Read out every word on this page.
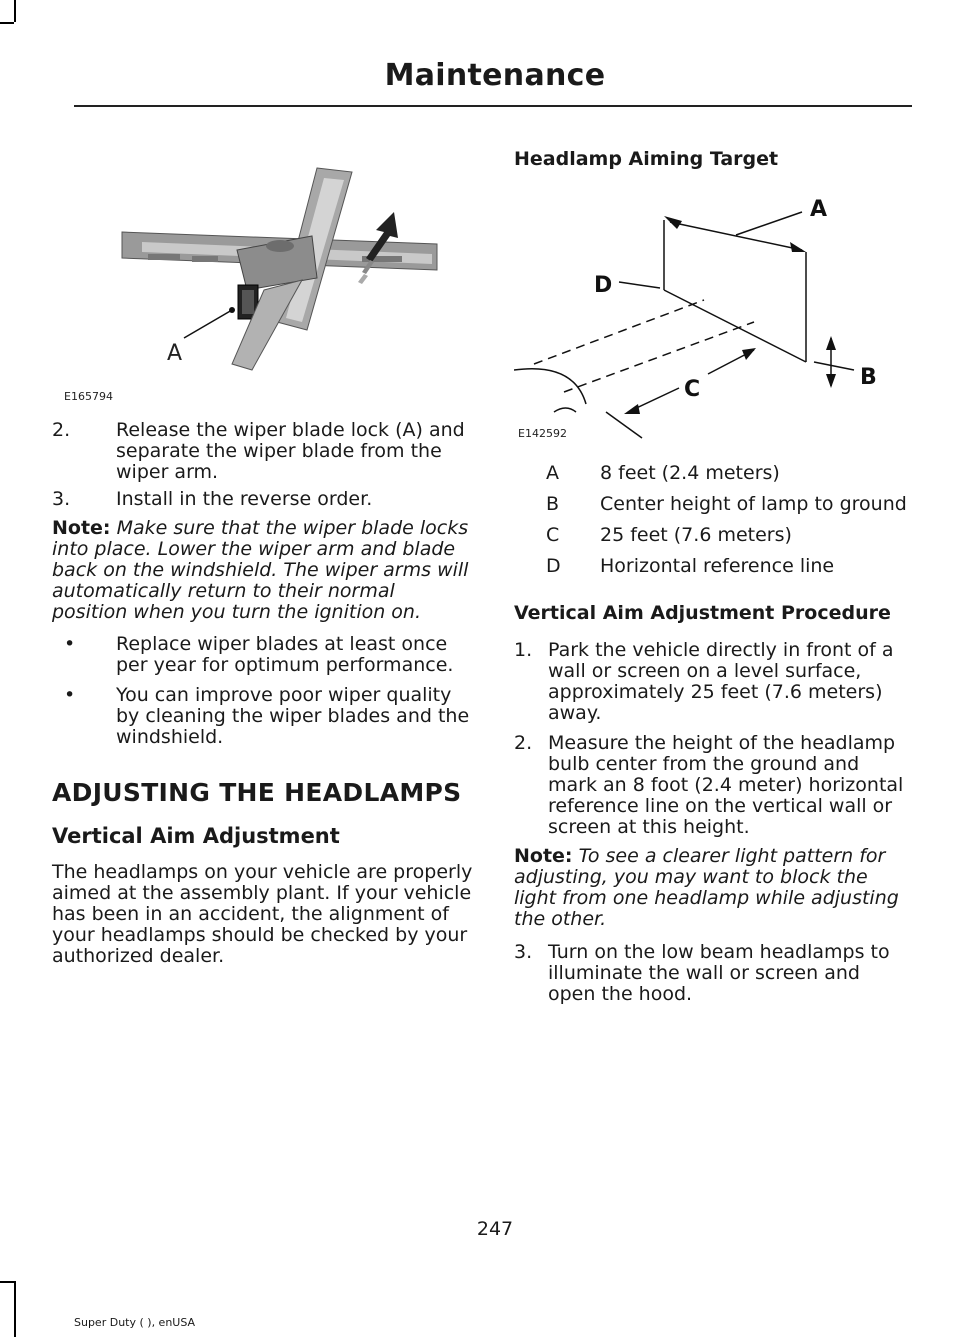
Maintenance
A
E165794
2.	Release the wiper blade lock (A) and separate the wiper blade from the wiper arm.
3.	Install in the reverse order.

Note: Make sure that the wiper blade locks into place. Lower the wiper arm and blade back on the windshield. The wiper arms will automatically return to their normal position when you turn the ignition on.

•	Replace wiper blades at least once per year for optimum performance.
•	You can improve poor wiper quality by cleaning the wiper blades and the windshield.
ADJUSTING THE HEADLAMPS
Vertical Aim Adjustment

The headlamps on your vehicle are properly aimed at the assembly plant. If your vehicle has been in an accident, the alignment of your headlamps should be checked by your authorized dealer.

Headlamp Aiming Target
A
B
C
D
E142592
A 8 feet (2.4 meters)
B Center height of lamp to ground
C 25 feet (7.6 meters)
D Horizontal reference line
Vertical Aim Adjustment Procedure
1. Park the vehicle directly in front of a wall or screen on a level surface, approximately 25 feet (7.6 meters) away.
2. Measure the height of the headlamp bulb center from the ground and mark an 8 foot (2.4 meter) horizontal reference line on the vertical wall or screen at this height.

Note: To see a clearer light pattern for adjusting, you may want to block the light from one headlamp while adjusting the other.

3. Turn on the low beam headlamps to illuminate the wall or screen and open the hood.
247
Super Duty ( ), enUSA
